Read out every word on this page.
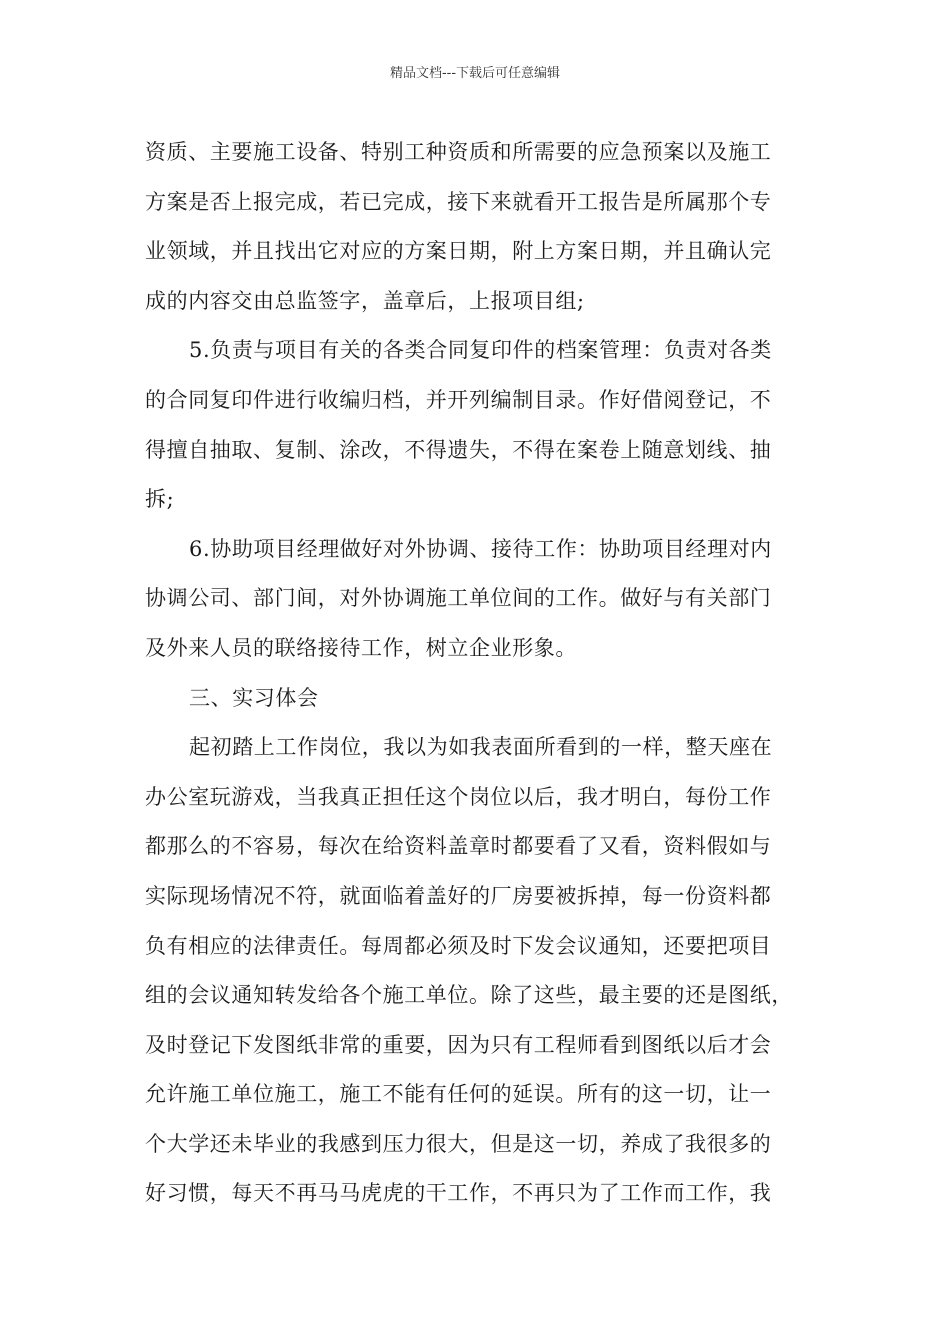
精品文档---下载后可任意编辑
资质、主要施工设备、特别工种资质和所需要的应急预案以及施工
方案是否上报完成，若已完成，接下来就看开工报告是所属那个专
业领域，并且找出它对应的方案日期，附上方案日期，并且确认完
成的内容交由总监签字，盖章后，上报项目组;
5.负责与项目有关的各类合同复印件的档案管理：负责对各类
的合同复印件进行收编归档，并开列编制目录。作好借阅登记，不
得擅自抽取、复制、涂改，不得遗失，不得在案卷上随意划线、抽
拆;
6.协助项目经理做好对外协调、接待工作：协助项目经理对内
协调公司、部门间，对外协调施工单位间的工作。做好与有关部门
及外来人员的联络接待工作，树立企业形象。
三、实习体会
起初踏上工作岗位，我以为如我表面所看到的一样，整天座在
办公室玩游戏，当我真正担任这个岗位以后，我才明白，每份工作
都那么的不容易，每次在给资料盖章时都要看了又看，资料假如与
实际现场情况不符，就面临着盖好的厂房要被拆掉，每一份资料都
负有相应的法律责任。每周都必须及时下发会议通知，还要把项目
组的会议通知转发给各个施工单位。除了这些，最主要的还是图纸，
及时登记下发图纸非常的重要，因为只有工程师看到图纸以后才会
允许施工单位施工，施工不能有任何的延误。所有的这一切，让一
个大学还未毕业的我感到压力很大，但是这一切，养成了我很多的
好习惯，每天不再马马虎虎的干工作，不再只为了工作而工作，我
